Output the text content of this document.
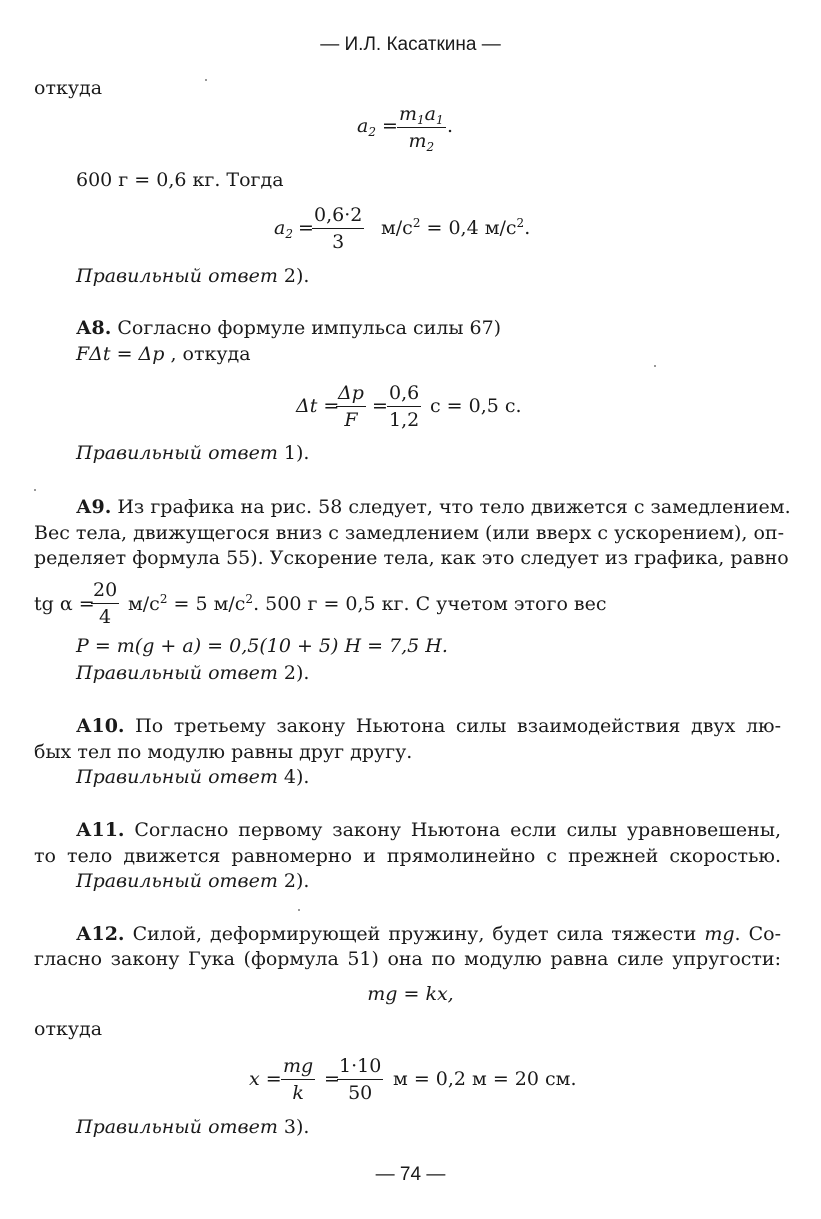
— И.Л. Касаткина —
откуда
$a_2 = \frac{m_1a_1}{m_2}$ .
600 г = 0,6 кг. Тогда
$a_2$ =
$\frac{0,6\cdot 2}{3} м/с^2 = 0,4$ $м/с^2$.
Правильный ответ 2).
А8. Согласно формуле импульса силы 67)
FΔt = Δp , откуда
Δt =
$\frac{\Delta p}{F} = \frac{0,6}{1,2}$ с = 0,5 с.
Правильный ответ 1).
А9. Из графика на рис. 58 следует, что тело движется с замедлением.
Вес тела, движущегося вниз с замедлением (или вверх с ускорением), оп-
ределяет формула 55). Ускорение тела, как это следует из графика, равно
tg α =
$\frac{20}{4} м/с^2 = 5$ $м/с^2$. 500 г = 0,5 кг. С учетом этого вес
P = m(g + a) = 0,5(10 + 5) Н = 7,5 Н.
Правильный ответ 2).
А10. По третьему закону Ньютона силы взаимодействия двух лю-
бых тел по модулю равны друг другу.
Правильный ответ 4).
А11. Согласно первому закону Ньютона если силы уравновешены,
то тело движется равномерно и прямолинейно с прежней скоростью.
Правильный ответ 2).
А12. Силой, деформирующей пружину, будет сила тяжести mg. Со-
гласно закону Гука (формула 51) она по модулю равна силе упругости:
mg = kx,
откуда
$x = \frac{mg}{k}$ =
$\frac{1\cdot 10}{50}$ м = 0,2 м = 20 см.
Правильный ответ 3).
— 74 —
